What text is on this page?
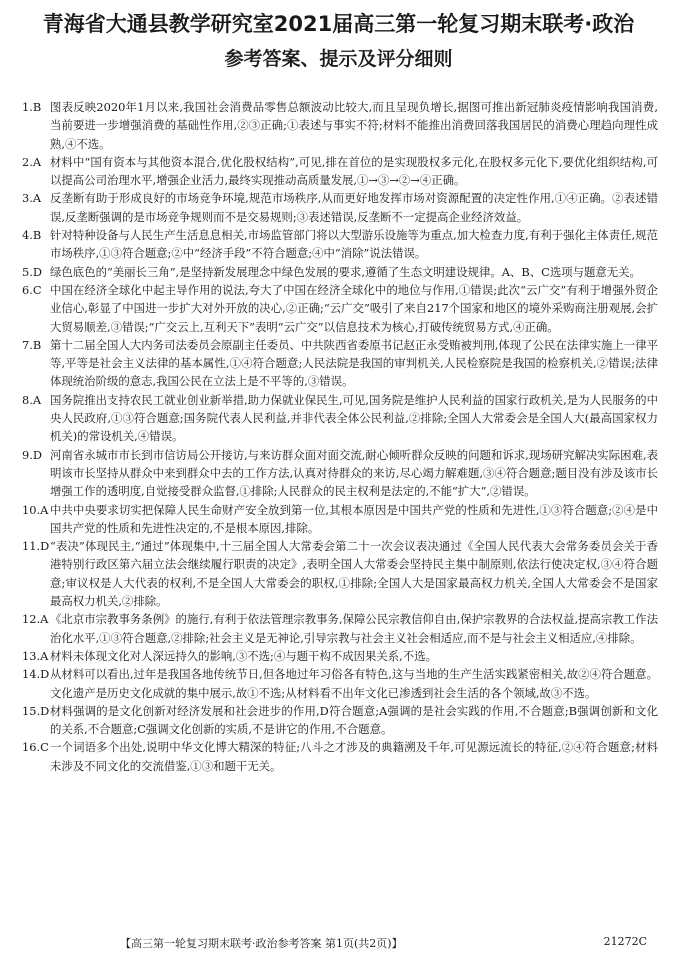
青海省大通县教学研究室2021届高三第一轮复习期末联考·政治
参考答案、提示及评分细则
1.B 图表反映2020年1月以来,我国社会消费品零售总额波动比较大,而且呈现负增长,据图可推出新冠肺炎疫情影响我国消费,当前要进一步增强消费的基础性作用,②③正确;①表述与事实不符;材料不能推出消费回落我国居民的消费心理趋向理性成熟,④不选。
2.A 材料中“国有资本与其他资本混合,优化股权结构”,可见,排在首位的是实现股权多元化,在股权多元化下,要优化组织结构,可以提高公司治理水平,增强企业活力,最终实现推动高质量发展,①→③→②→④正确。
3.A 反垄断有助于形成良好的市场竞争环境,规范市场秩序,从而更好地发挥市场对资源配置的决定性作用,①④正确。②表述错误,反垄断强调的是市场竞争规则而不是交易规则;③表述错误,反垄断不一定提高企业经济效益。
4.B 针对特种设备与人民生产生活息息相关,市场监管部门将以大型游乐设施等为重点,加大检查力度,有利于强化主体责任,规范市场秩序,①③符合题意;②中“经济手段”不符合题意;④中“消除”说法错误。
5.D 绿色底色的“美丽长三角”,是坚持新发展理念中绿色发展的要求,遵循了生态文明建设规律。A、B、C选项与题意无关。
6.C 中国在经济全球化中起主导作用的说法,夸大了中国在经济全球化中的地位与作用,①错误;此次“云广交”有利于增强外贸企业信心,彰显了中国进一步扩大对外开放的决心,②正确;“云广交”吸引了来自217个国家和地区的境外采购商注册观展,会扩大贸易顺差,③错误;“广交云上,互利天下”表明“云广交”以信息技术为核心,打破传统贸易方式,④正确。
7.B 第十二届全国人大内务司法委员会原副主任委员、中共陕西省委原书记赵正永受贿被判刑,体现了公民在法律实施上一律平等,平等是社会主义法律的基本属性,①④符合题意;人民法院是我国的审判机关,人民检察院是我国的检察机关,②错误;法律体现统治阶级的意志,我国公民在立法上是不平等的,③错误。
8.A 国务院推出支持农民工就业创业新举措,助力保就业保民生,可见,国务院是维护人民利益的国家行政机关,是为人民服务的中央人民政府,①③符合题意;国务院代表人民利益,并非代表全体公民利益,②排除;全国人大常委会是全国人大(最高国家权力机关)的常设机关,④错误。
9.D 河南省永城市市长到市信访局公开接访,与来访群众面对面交流,耐心倾听群众反映的问题和诉求,现场研究解决实际困难,表明该市长坚持从群众中来到群众中去的工作方法,认真对待群众的来访,尽心竭力解难题,③④符合题意;题目没有涉及该市长增强工作的透明度,自觉接受群众监督,①排除;人民群众的民主权利是法定的,不能“扩大”,②错误。
10.A 中共中央要求切实把保障人民生命财产安全放到第一位,其根本原因是中国共产党的性质和先进性,①③符合题意;②④是中国共产党的性质和先进性决定的,不是根本原因,排除。
11.D “表决”体现民主,“通过”体现集中,十三届全国人大常委会第二十一次会议表决通过《全国人民代表大会常务委员会关于香港特别行政区第六届立法会继续履行职责的决定》,表明全国人大常委会坚持民主集中制原则,依法行使决定权,③④符合题意;审议权是人大代表的权利,不是全国人大常委会的职权,①排除;全国人大是国家最高权力机关,全国人大常委会不是国家最高权力机关,②排除。
12.A 《北京市宗教事务条例》的施行,有利于依法管理宗教事务,保障公民宗教信仰自由,保护宗教界的合法权益,提高宗教工作法治化水平,①③符合题意,②排除;社会主义是无神论,引导宗教与社会主义社会相适应,而不是与社会主义相适应,④排除。
13.A 材料未体现文化对人深远持久的影响,③不选;④与题干构不成因果关系,不选。
14.D 从材料可以看出,过年是我国各地传统节日,但各地过年习俗各有特色,这与当地的生产生活实践紧密相关,故②④符合题意。文化遗产是历史文化成就的集中展示,故①不选;从材料看不出年文化已渗透到社会生活的各个领域,故③不选。
15.D 材料强调的是文化创新对经济发展和社会进步的作用,D符合题意;A强调的是社会实践的作用,不合题意;B强调创新和文化的关系,不合题意;C强调文化创新的实质,不是讲它的作用,不合题意。
16.C 一个词语多个出处,说明中华文化博大精深的特征;八斗之才涉及的典籍溯及千年,可见源远流长的特征,②④符合题意;材料未涉及不同文化的交流借鉴,①③和题干无关。
【高三第一轮复习期末联考·政治参考答案 第1页(共2页)】	21272C
